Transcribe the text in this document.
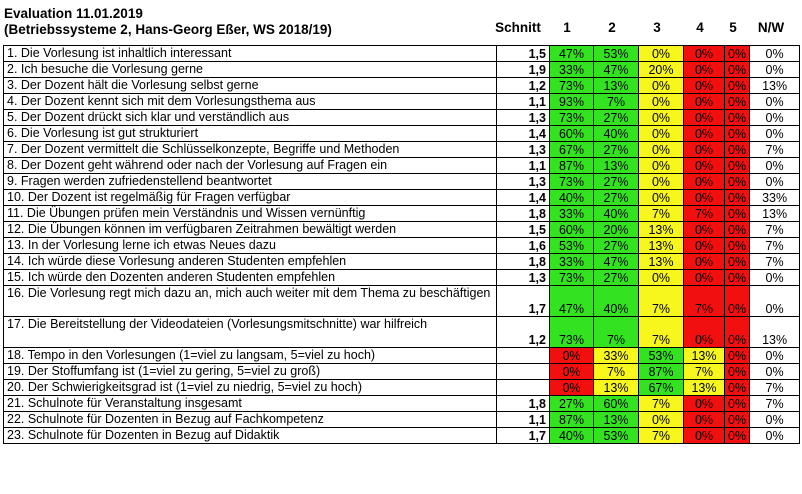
Evaluation 11.01.2019
(Betriebssysteme 2, Hans-Georg Eßer, WS 2018/19)	Schnitt	1	2	3	4	5	N/W
1. Die Vorlesung ist inhaltlich interessant	1,5	47%	53%	0%	0%	0%	0%
2. Ich besuche die Vorlesung gerne	1,9	33%	47%	20%	0%	0%	0%
3. Der Dozent hält die Vorlesung selbst gerne	1,2	73%	13%	0%	0%	0%	13%
4. Der Dozent kennt sich mit dem Vorlesungsthema aus	1,1	93%	7%	0%	0%	0%	0%
5. Der Dozent drückt sich klar und verständlich aus	1,3	73%	27%	0%	0%	0%	0%
6. Die Vorlesung ist gut strukturiert	1,4	60%	40%	0%	0%	0%	0%
7. Der Dozent vermittelt die Schlüsselkonzepte, Begriffe und Methoden	1,3	67%	27%	0%	0%	0%	7%
8. Der Dozent geht während oder nach der Vorlesung auf Fragen ein	1,1	87%	13%	0%	0%	0%	0%
9. Fragen werden zufriedenstellend beantwortet	1,3	73%	27%	0%	0%	0%	0%
10. Der Dozent ist regelmäßig für Fragen verfügbar	1,4	40%	27%	0%	0%	0%	33%
11. Die Übungen prüfen mein Verständnis und Wissen vernünftig	1,8	33%	40%	7%	7%	0%	13%
12. Die Übungen können im verfügbaren Zeitrahmen bewältigt werden	1,5	60%	20%	13%	0%	0%	7%
13. In der Vorlesung lerne ich etwas Neues dazu	1,6	53%	27%	13%	0%	0%	7%
14. Ich würde diese Vorlesung anderen Studenten empfehlen	1,8	33%	47%	13%	0%	0%	7%
15. Ich würde den Dozenten anderen Studenten empfehlen	1,3	73%	27%	0%	0%	0%	0%
16. Die Vorlesung regt mich dazu an, mich auch weiter mit dem Thema zu beschäftigen	1,7	47%	40%	7%	7%	0%	0%
17. Die Bereitstellung der Videodateien (Vorlesungsmitschnitte) war hilfreich	1,2	73%	7%	7%	0%	0%	13%
18. Tempo in den Vorlesungen (1=viel zu langsam, 5=viel zu hoch)		0%	33%	53%	13%	0%	0%
19. Der Stoffumfang ist (1=viel zu gering, 5=viel zu groß)		0%	7%	87%	7%	0%	0%
20. Der Schwierigkeitsgrad ist (1=viel zu niedrig, 5=viel zu hoch)		0%	13%	67%	13%	0%	7%
21. Schulnote für Veranstaltung insgesamt	1,8	27%	60%	7%	0%	0%	7%
22. Schulnote für Dozenten in Bezug auf Fachkompetenz	1,1	87%	13%	0%	0%	0%	0%
23. Schulnote für Dozenten in Bezug auf Didaktik	1,7	40%	53%	7%	0%	0%	0%
